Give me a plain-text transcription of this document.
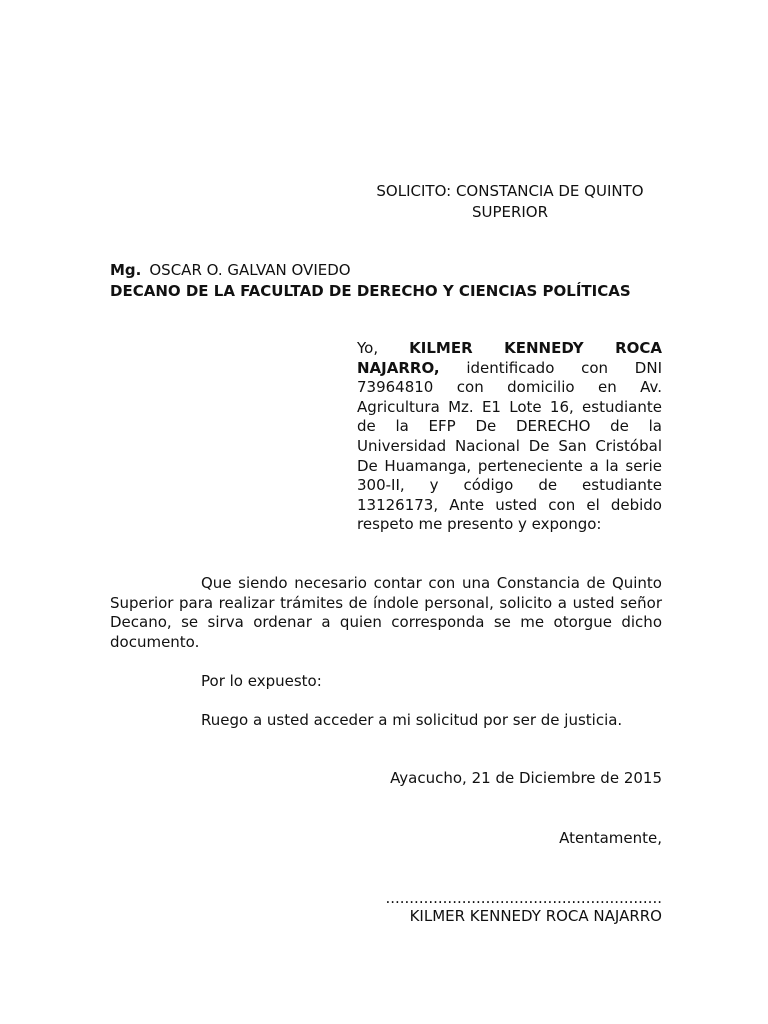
SOLICITO: CONSTANCIA DE QUINTO
SUPERIOR
Mg. OSCAR O. GALVAN OVIEDO
DECANO DE LA FACULTAD DE DERECHO Y CIENCIAS POLÍTICAS
Yo, KILMER KENNEDY ROCA NAJARRO, identificado con DNI 73964810 con domicilio en Av. Agricultura Mz. E1 Lote 16, estudiante de la EFP De DERECHO de la Universidad Nacional De San Cristóbal De Huamanga, perteneciente a la serie 300-II, y código de estudiante 13126173, Ante usted con el debido respeto me presento y expongo:
Que siendo necesario contar con una Constancia de Quinto Superior para realizar trámites de índole personal, solicito a usted señor Decano, se sirva ordenar a quien corresponda se me otorgue dicho documento.
Por lo expuesto:
Ruego a usted acceder a mi solicitud por ser de justicia.
Ayacucho, 21 de Diciembre de 2015
Atentamente,
..........................................................
KILMER KENNEDY ROCA NAJARRO
